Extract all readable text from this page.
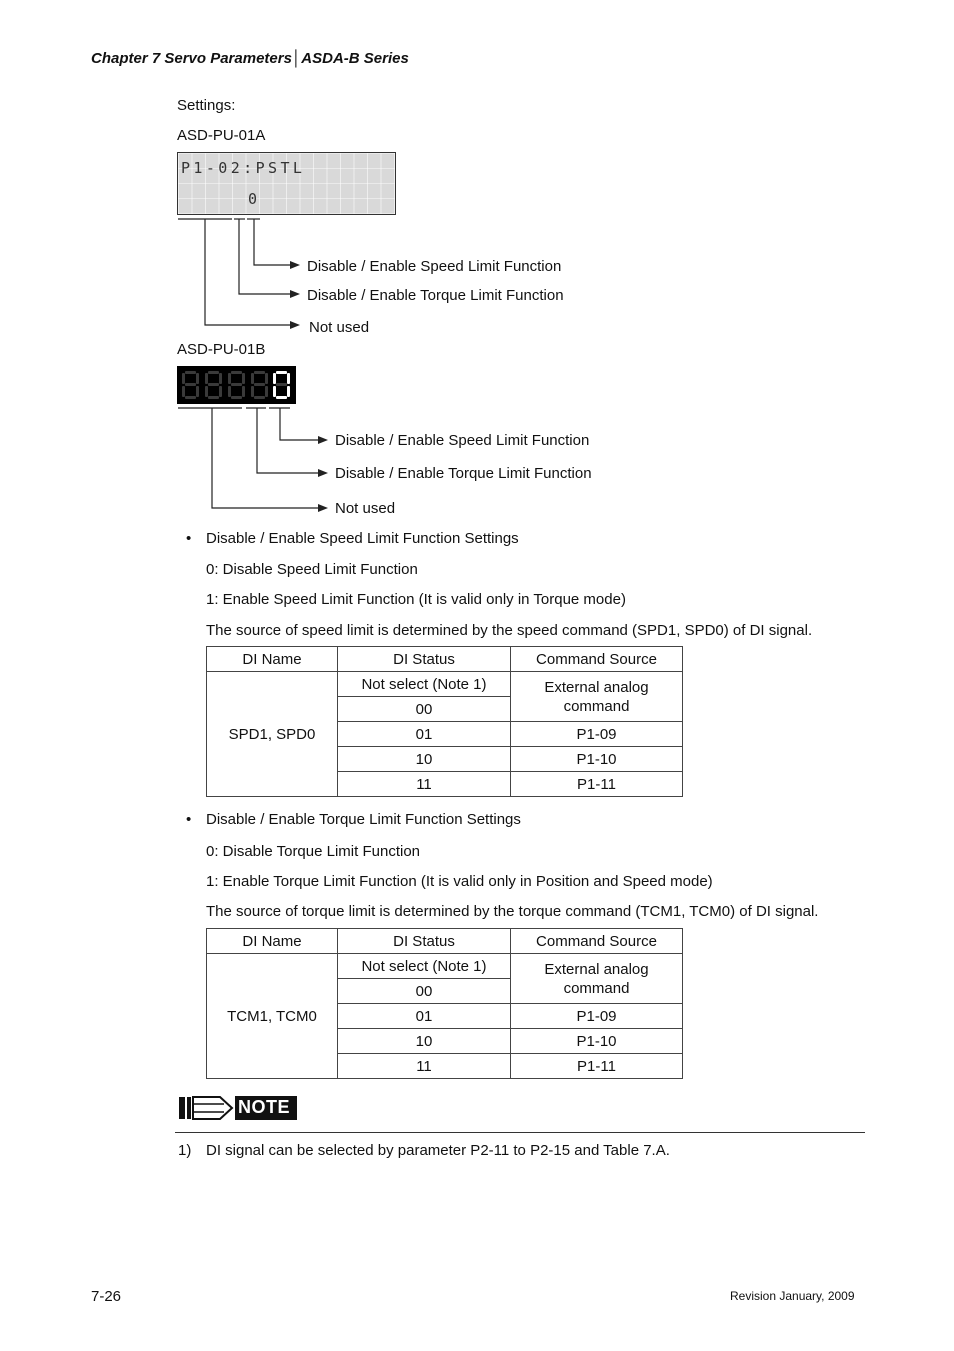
Chapter 7 Servo Parameters│ASDA-B Series
Settings:
ASD-PU-01A
P1-02:PSTL
0
Disable / Enable Speed Limit Function
Disable / Enable Torque Limit Function
Not used
ASD-PU-01B
Disable / Enable Speed Limit Function
Disable / Enable Torque Limit Function
Not used
• Disable / Enable Speed Limit Function Settings
0: Disable Speed Limit Function
1: Enable Speed Limit Function (It is valid only in Torque mode)
The source of speed limit is determined by the speed command (SPD1, SPD0) of DI signal.
DI Name	DI Status	Command Source
SPD1, SPD0	Not select (Note 1)	External analog command
	00	
	01	P1-09
	10	P1-10
	11	P1-11
• Disable / Enable Torque Limit Function Settings
0: Disable Torque Limit Function
1: Enable Torque Limit Function (It is valid only in Position and Speed mode)
The source of torque limit is determined by the torque command (TCM1, TCM0) of DI signal.
DI Name	DI Status	Command Source
TCM1, TCM0	Not select (Note 1)	External analog command
	00	
	01	P1-09
	10	P1-10
	11	P1-11
NOTE
1) DI signal can be selected by parameter P2-11 to P2-15 and Table 7.A.
7-26	Revision January, 2009
